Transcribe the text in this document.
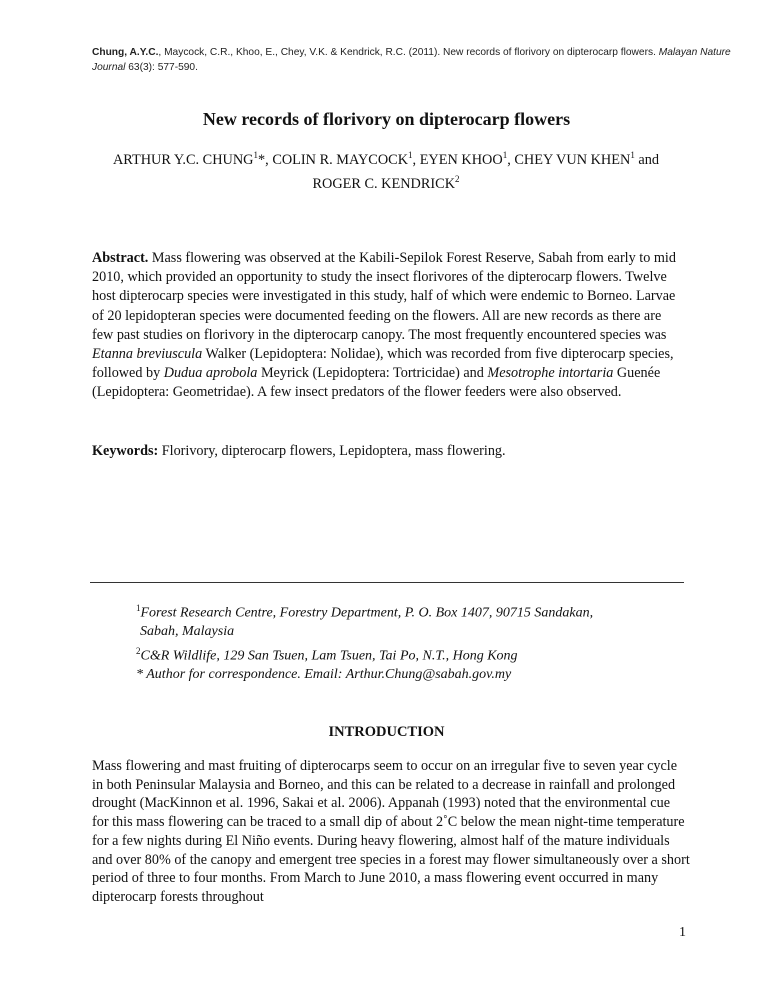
Chung, A.Y.C., Maycock, C.R., Khoo, E., Chey, V.K. & Kendrick, R.C. (2011). New records of florivory on dipterocarp flowers. Malayan Nature Journal 63(3): 577-590.
New records of florivory on dipterocarp flowers
ARTHUR Y.C. CHUNG$^1$*, COLIN R. MAYCOCK$^1$, EYEN KHOO$^1$, CHEY VUN KHEN$^1$ and
ROGER C. KENDRICK$^2$
Abstract. Mass flowering was observed at the Kabili-Sepilok Forest Reserve, Sabah from early to mid 2010, which provided an opportunity to study the insect florivores of the dipterocarp flowers. Twelve host dipterocarp species were investigated in this study, half of which were endemic to Borneo. Larvae of 20 lepidopteran species were documented feeding on the flowers. All are new records as there are few past studies on florivory in the dipterocarp canopy. The most frequently encountered species was Etanna breviuscula Walker (Lepidoptera: Nolidae), which was recorded from five dipterocarp species, followed by Dudua aprobola Meyrick (Lepidoptera: Tortricidae) and Mesotrophe intortaria Guenée (Lepidoptera: Geometridae). A few insect predators of the flower feeders were also observed.
Keywords: Florivory, dipterocarp flowers, Lepidoptera, mass flowering.
$^1$Forest Research Centre, Forestry Department, P. O. Box 1407, 90715 Sandakan,
Sabah, Malaysia
$^2$C&R Wildlife, 129 San Tsuen, Lam Tsuen, Tai Po, N.T., Hong Kong
* Author for correspondence. Email: Arthur.Chung@sabah.gov.my
INTRODUCTION
Mass flowering and mast fruiting of dipterocarps seem to occur on an irregular five to seven year cycle in both Peninsular Malaysia and Borneo, and this can be related to a decrease in rainfall and prolonged drought (MacKinnon et al. 1996, Sakai et al. 2006). Appanah (1993) noted that the environmental cue for this mass flowering can be traced to a small dip of about 2˚C below the mean night-time temperature for a few nights during El Niño events. During heavy flowering, almost half of the mature individuals and over 80% of the canopy and emergent tree species in a forest may flower simultaneously over a short period of three to four months. From March to June 2010, a mass flowering event occurred in many dipterocarp forests throughout
1
